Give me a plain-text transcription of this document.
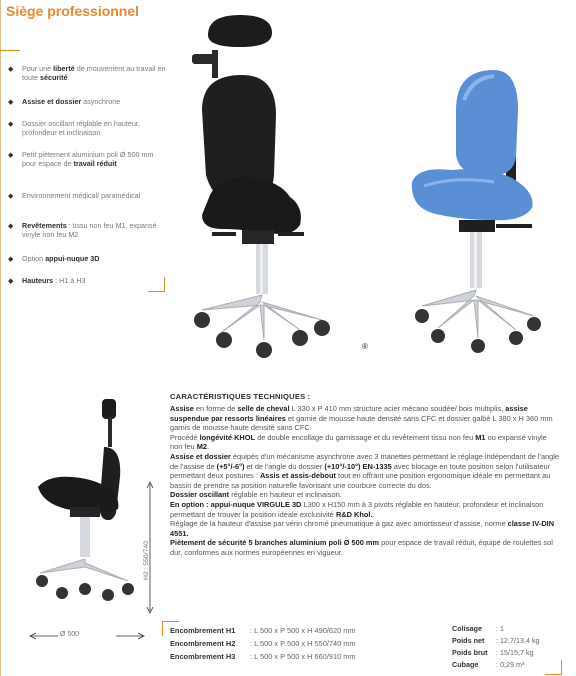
Siège professionnel
◆ Pour une liberté de mouvement au travail en toute sécurité
◆ Assise et dossier asynchrone
◆ Dossier oscillant réglable en hauteur, profondeur et inclinaison
◆ Petit piètement aluminium poli Ø 500 mm pour espace de travail réduit
◆ Environnement médical/ paramédical
◆ Revêtements : tissu non feu M1, expansé vinyle non feu M2
◆ Option appui-nuque 3D
◆ Hauteurs : H1 à H3
®
H2 : 550/740
Ø 500
CARACTÉRISTIQUES TECHNIQUES :

Assise en forme de selle de cheval L 330 x P 410 mm structure acier mécano soudée/ bois multiplis, assise suspendue par ressorts linéaires et garnie de mousse haute densité sans CFC et dossier galbé L 380 x H 360 mm garnis de mousse haute densité sans CFC.

Procédé longévité KHOL de double encollage du garnissage et du revêtement tissu non feu M1 ou expansé vinyle non feu M2.

Assise et dossier équipés d'un mécanisme asynchrone avec 3 manettes permettant le réglage indépendant de l'angle de l'assise de (+5°/-6°) et de l'angle du dossier (+10°/-10°) EN-1335 avec blocage en toute position selon l'utilisateur permettant deux postures : Assis et assis-debout tout en offrant une position ergonomique idéale en permettant au bassin de prendre sa position naturelle favorisant une courbure correcte du dos.

Dossier oscillant réglable en hauteur et inclinaison.

En option : appui-nuque VIRGULE 3D L300 x H150 mm à 3 pivots réglable en hauteur, profondeur et inclinaison permettant de trouver la position idéale exclusivité R&D Khol.

Réglage de la hauteur d'assise par vérin chromé pneumatique à gaz avec amortisseur d'assise, norme classe IV-DIN 4551.

Piètement de sécurité 5 branches aluminium poli Ø 500 mm pour espace de travail réduit, équipé de roulettes sol dur, conformes aux normes européennes en vigueur.

Encombrement H1 : L 500 x P 500 x H 490/620 mm
Encombrement H2 : L 500 x P 500 x H 550/740 mm
Encombrement H3 : L 500 x P 500 x H 660/910 mm
Colisage : 1
Poids net : 12,7/13,4 kg
Poids brut : 15/15,7 kg
Cubage : 0,29 m³
